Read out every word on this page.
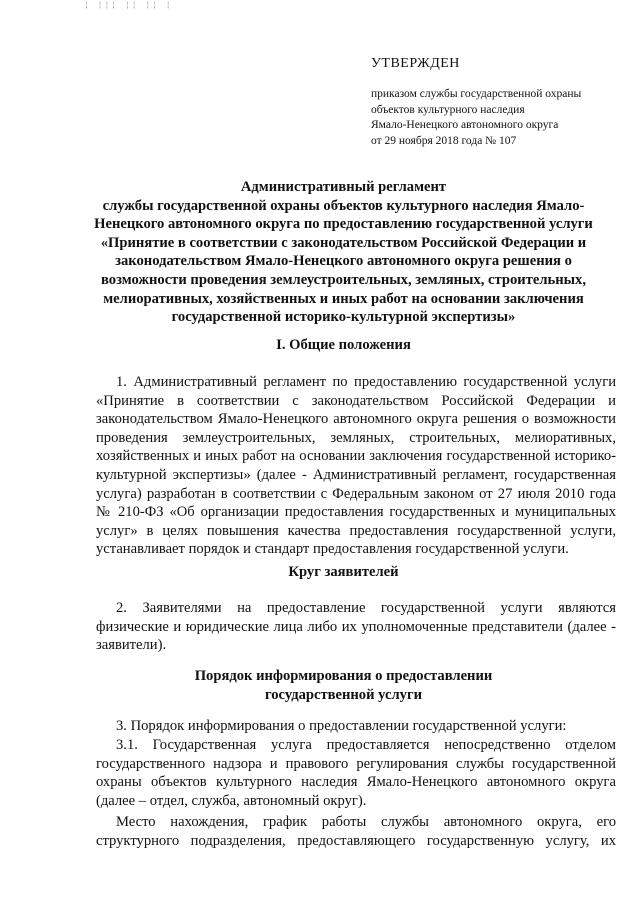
¦ ¦¦¦ ¦¦ ¦¦ ¦
УТВЕРЖДЕН
приказом службы государственной охраны
объектов культурного наследия
Ямало-Ненецкого автономного округа
от 29 ноября 2018 года № 107
Административный регламент
службы государственной охраны объектов культурного наследия Ямало-
Ненецкого автономного округа по предоставлению государственной услуги
«Принятие в соответствии с законодательством Российской Федерации и
законодательством Ямало-Ненецкого автономного округа решения о
возможности проведения землеустроительных, земляных, строительных,
мелиоративных, хозяйственных и иных работ на основании заключения
государственной историко-культурной экспертизы»
I. Общие положения
1. Административный регламент по предоставлению государственной услуги
«Принятие в соответствии с законодательством Российской Федерации и
законодательством Ямало-Ненецкого автономного округа решения о возможности
проведения землеустроительных, земляных, строительных, мелиоративных,
хозяйственных и иных работ на основании заключения государственной историко-
культурной экспертизы» (далее - Административный регламент, государственная
услуга) разработан в соответствии с Федеральным законом от 27 июля 2010 года
№ 210-ФЗ «Об организации предоставления государственных и муниципальных
услуг» в целях повышения качества предоставления государственной услуги,
устанавливает порядок и стандарт предоставления государственной услуги.
Круг заявителей
2. Заявителями на предоставление государственной услуги являются
физические и юридические лица либо их уполномоченные представители (далее -
заявители).
Порядок информирования о предоставлении
государственной услуги
3. Порядок информирования о предоставлении государственной услуги:
3.1. Государственная услуга предоставляется непосредственно отделом
государственного надзора и правового регулирования службы государственной
охраны объектов культурного наследия Ямало-Ненецкого автономного округа
(далее – отдел, служба, автономный округ).
Место нахождения, график работы службы автономного округа, его
структурного подразделения, предоставляющего государственную услугу, их
